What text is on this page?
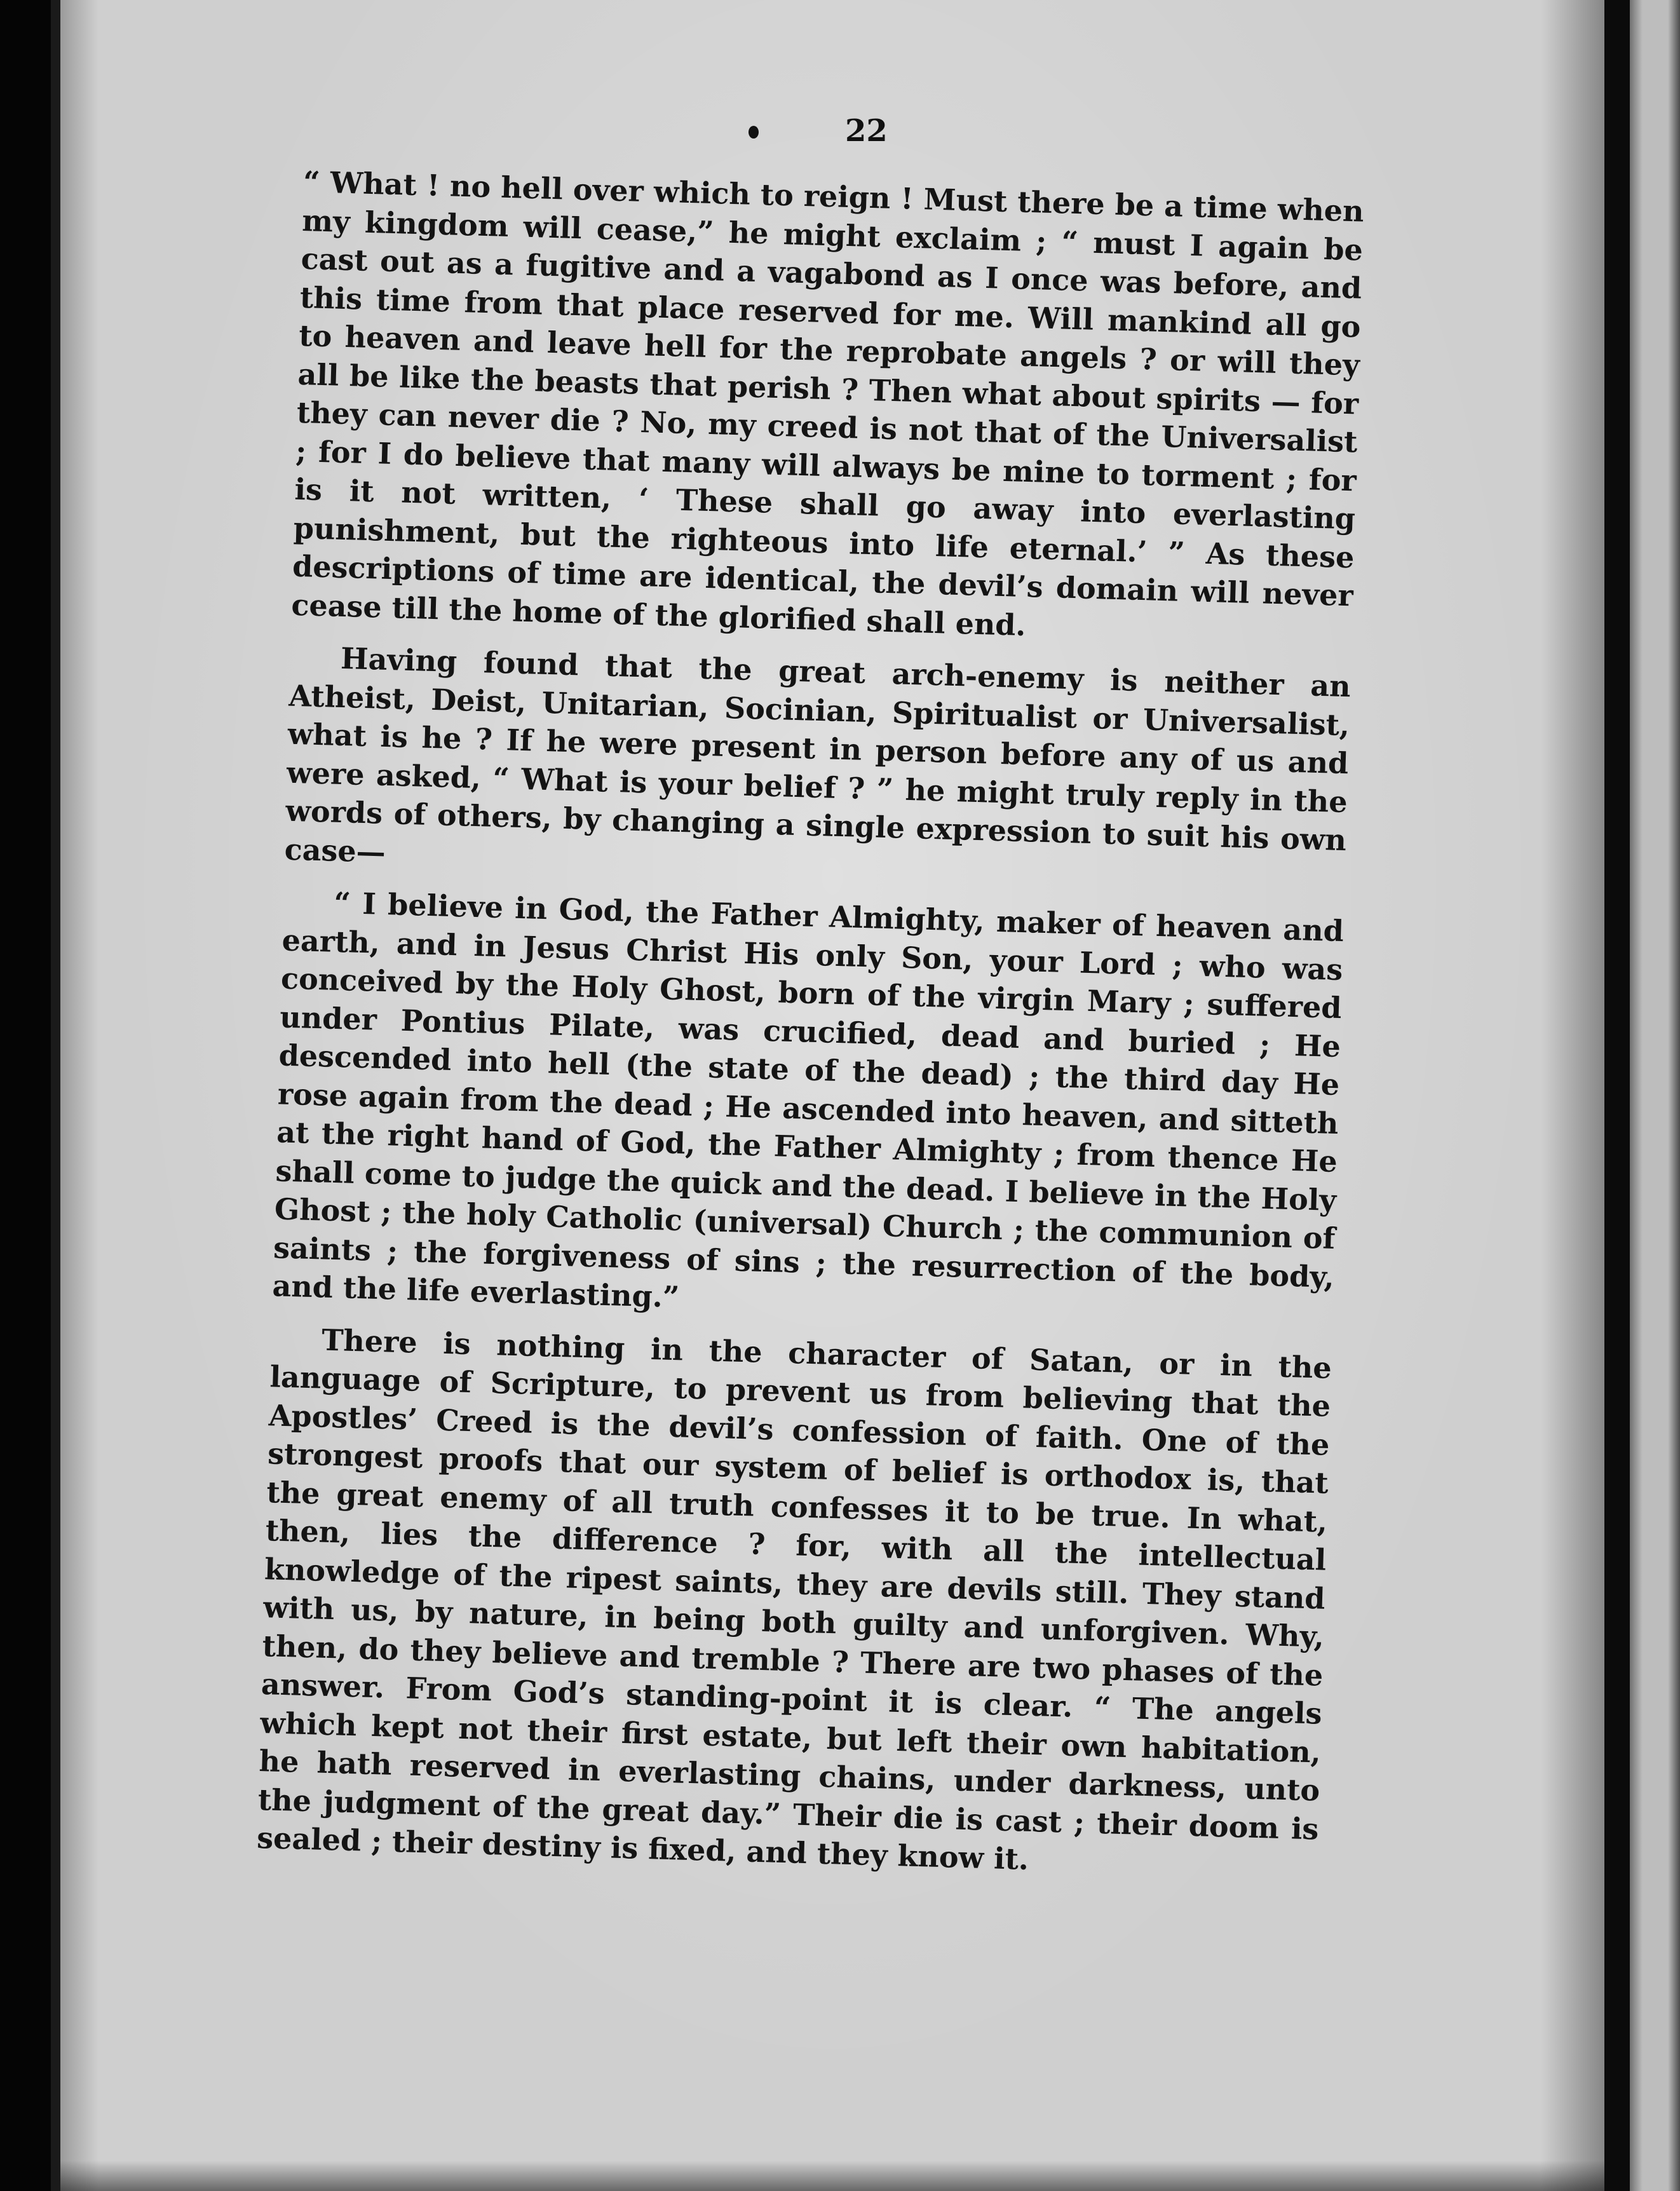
22

“ What ! no hell over which to reign ! Must there be a time when my kingdom will cease,” he might exclaim ; “ must I again be cast out as a fugitive and a vagabond as I once was before, and this time from that place reserved for me. Will mankind all go to heaven and leave hell for the reprobate angels ? or will they all be like the beasts that perish ? Then what about spirits — for they can never die ? No, my creed is not that of the Universalist ; for I do believe that many will always be mine to torment ; for is it not written, ‘ These shall go away into everlasting punishment, but the righteous into life eternal.’ ” As these descriptions of time are identical, the devil’s domain will never cease till the home of the glorified shall end.

Having found that the great arch-enemy is neither an Atheist, Deist, Unitarian, Socinian, Spiritualist or Universalist, what is he ? If he were present in person before any of us and were asked, “ What is your belief ? ” he might truly reply in the words of others, by changing a single expression to suit his own case—

“ I believe in God, the Father Almighty, maker of heaven and earth, and in Jesus Christ His only Son, your Lord ; who was conceived by the Holy Ghost, born of the virgin Mary ; suffered under Pontius Pilate, was crucified, dead and buried ; He descended into hell (the state of the dead) ; the third day He rose again from the dead ; He ascended into heaven, and sitteth at the right hand of God, the Father Almighty ; from thence He shall come to judge the quick and the dead. I believe in the Holy Ghost ; the holy Catholic (universal) Church ; the communion of saints ; the forgiveness of sins ; the resurrection of the body, and the life everlasting.”

There is nothing in the character of Satan, or in the language of Scripture, to prevent us from believing that the Apostles’ Creed is the devil’s confession of faith. One of the strongest proofs that our system of belief is orthodox is, that the great enemy of all truth confesses it to be true. In what, then, lies the difference ? for, with all the intellectual knowledge of the ripest saints, they are devils still. They stand with us, by nature, in being both guilty and unforgiven. Why, then, do they believe and tremble ? There are two phases of the answer. From God’s standing-point it is clear. “ The angels which kept not their first estate, but left their own habitation, he hath reserved in everlasting chains, under darkness, unto the judgment of the great day.” Their die is cast ; their doom is sealed ; their destiny is fixed, and they know it.
